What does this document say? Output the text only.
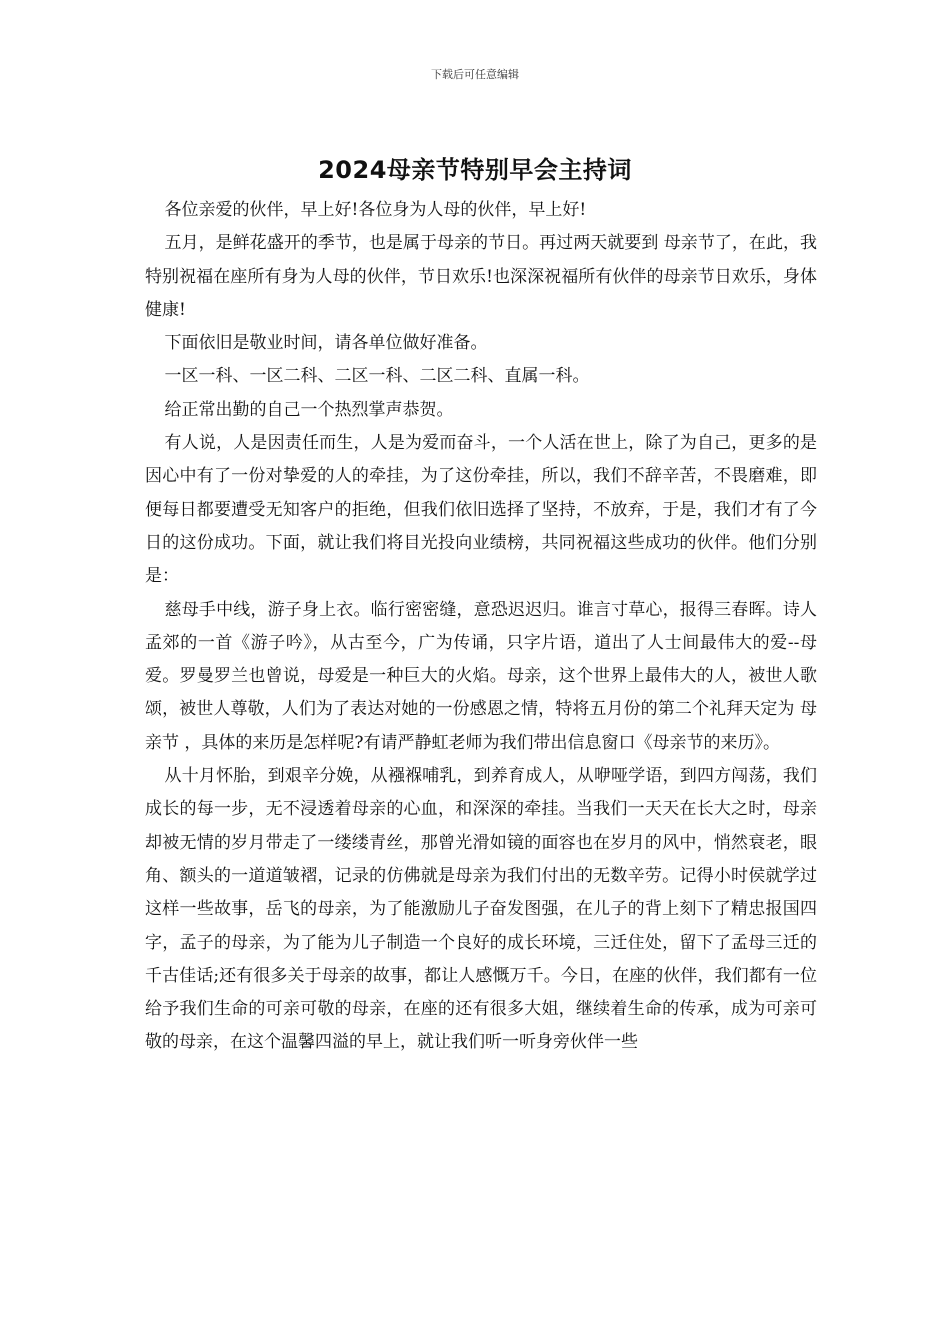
下载后可任意编辑
2024母亲节特别早会主持词

各位亲爱的伙伴，早上好!各位身为人母的伙伴，早上好!

五月，是鲜花盛开的季节，也是属于母亲的节日。再过两天就要到 母亲节了，在此，我特别祝福在座所有身为人母的伙伴，节日欢乐!也深深祝福所有伙伴的母亲节日欢乐，身体健康!

下面依旧是敬业时间，请各单位做好准备。

一区一科、一区二科、二区一科、二区二科、直属一科。

给正常出勤的自己一个热烈掌声恭贺。

有人说，人是因责任而生，人是为爱而奋斗，一个人活在世上，除了为自己，更多的是因心中有了一份对挚爱的人的牵挂，为了这份牵挂，所以，我们不辞辛苦，不畏磨难，即便每日都要遭受无知客户的拒绝，但我们依旧选择了坚持，不放弃，于是，我们才有了今日的这份成功。下面，就让我们将目光投向业绩榜，共同祝福这些成功的伙伴。他们分别是：

慈母手中线，游子身上衣。临行密密缝，意恐迟迟归。谁言寸草心，报得三春晖。诗人孟郊的一首《游子吟》，从古至今，广为传诵，只字片语，道出了人士间最伟大的爱--母爱。罗曼罗兰也曾说，母爱是一种巨大的火焰。母亲，这个世界上最伟大的人，被世人歌颂，被世人尊敬，人们为了表达对她的一份感恩之情，特将五月份的第二个礼拜天定为 母亲节 ，具体的来历是怎样呢?有请严静虹老师为我们带出信息窗口《母亲节的来历》。

从十月怀胎，到艰辛分娩，从襁褓哺乳，到养育成人，从咿哑学语，到四方闯荡，我们成长的每一步，无不浸透着母亲的心血，和深深的牵挂。当我们一天天在长大之时，母亲却被无情的岁月带走了一缕缕青丝，那曾光滑如镜的面容也在岁月的风中，悄然衰老，眼角、额头的一道道皱褶，记录的仿佛就是母亲为我们付出的无数辛劳。记得小时侯就学过这样一些故事，岳飞的母亲，为了能激励儿子奋发图强，在儿子的背上刻下了精忠报国四字，孟子的母亲，为了能为儿子制造一个良好的成长环境，三迁住处，留下了孟母三迁的千古佳话;还有很多关于母亲的故事，都让人感慨万千。今日，在座的伙伴，我们都有一位给予我们生命的可亲可敬的母亲，在座的还有很多大姐，继续着生命的传承，成为可亲可敬的母亲，在这个温馨四溢的早上，就让我们听一听身旁伙伴一些
